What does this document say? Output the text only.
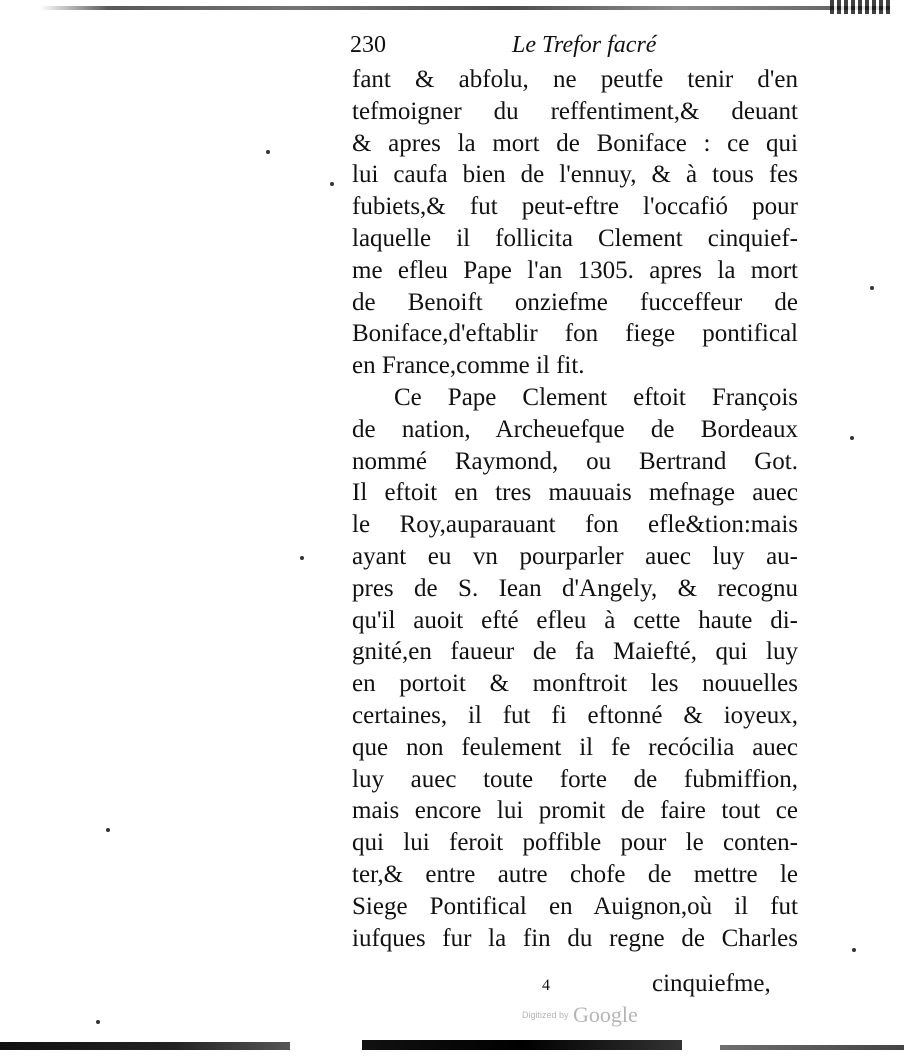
230	Le Trefor facré
fant & abfolu, ne peutfe tenir d'en
tefmoigner du reffentiment,& deuant
& apres la mort de Boniface : ce qui
lui caufa bien de l'ennuy, & à tous fes
fubiets,& fut peut-eftre l'occafió pour
laquelle il follicita Clement cinquief-
me efleu Pape l'an 1305. apres la mort
de Benoift onziefme fucceffeur de
Boniface,d'eftablir fon fiege pontifical
en France,comme il fit.
Ce Pape Clement eftoit François
de nation, Archeuefque de Bordeaux
nommé Raymond, ou Bertrand Got.
Il eftoit en tres mauuais mefnage auec
le Roy,auparauant fon efle&tion:mais
ayant eu vn pourparler auec luy au-
pres de S. Iean d'Angely, & recognu
qu'il auoit efté efleu à cette haute di-
gnité,en faueur de fa Maiefté, qui luy
en portoit & monftroit les nouuelles
certaines, il fut fi eftonné & ioyeux,
que non feulement il fe recócilia auec
luy auec toute forte de fubmiffion,
mais encore lui promit de faire tout ce
qui lui feroit poffible pour le conten-
ter,& entre autre chofe de mettre le
Siege Pontifical en Auignon,où il fut
iufques fur la fin du regne de Charles
4	cinquiefme,
Digitized by Google
